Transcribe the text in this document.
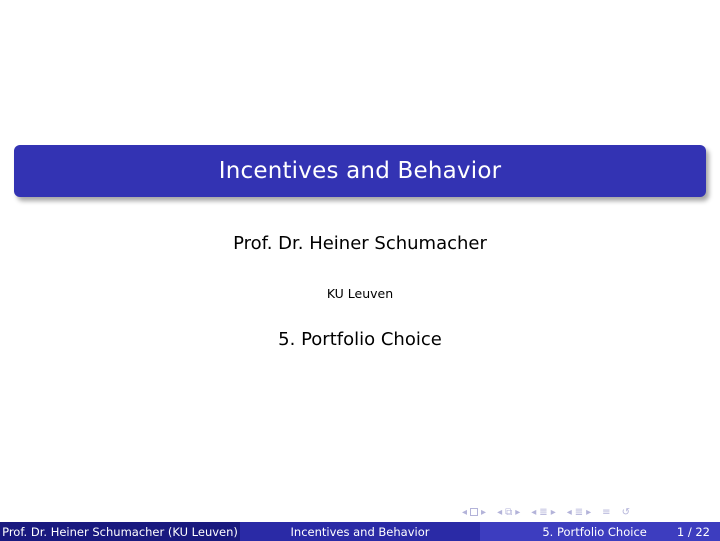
Incentives and Behavior
Prof. Dr. Heiner Schumacher
KU Leuven
5. Portfolio Choice
◂ ▸ ◂ ⧉ ▸ ◂ ≣ ▸ ◂ ≣ ▸ ≡ ↺
Prof. Dr. Heiner Schumacher (KU Leuven)	Incentives and Behavior	5. Portfolio Choice	1 / 22
